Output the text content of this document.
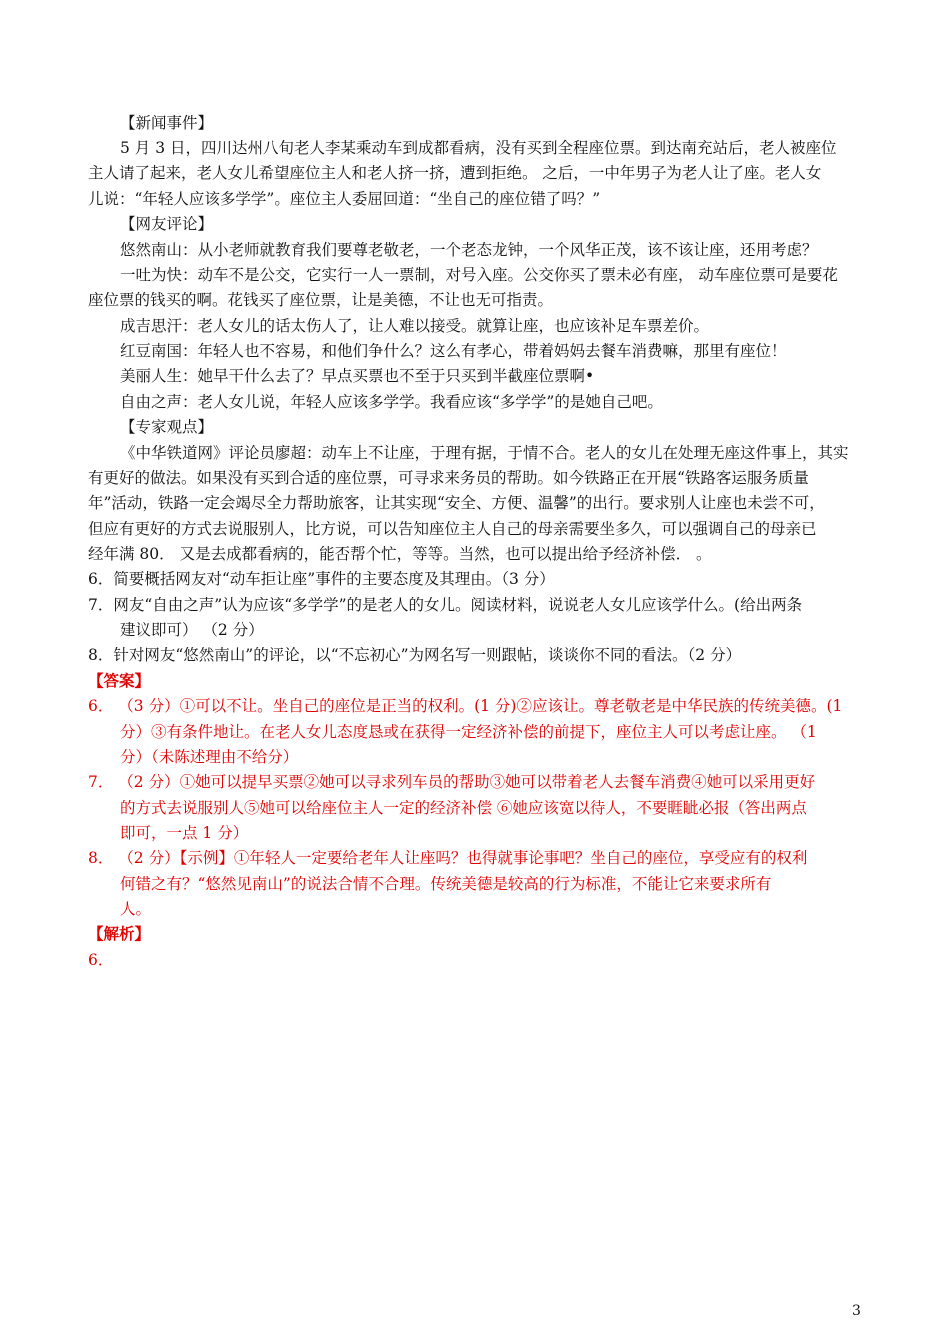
【新闻事件】
5 月 3 日，四川达州八旬老人李某乘动车到成都看病，没有买到全程座位票。到达南充站后，老人被座位
主人请了起来，老人女儿希望座位主人和老人挤一挤，遭到拒绝。 之后，一中年男子为老人让了座。老人女
儿说：“年轻人应该多学学”。座位主人委屈回道：“坐自己的座位错了吗？”
【网友评论】
悠然南山：从小老师就教育我们要尊老敬老，一个老态龙钟，一个风华正茂，该不该让座，还用考虑？
一吐为快：动车不是公交，它实行一人一票制，对号入座。公交你买了票未必有座， 动车座位票可是要花
座位票的钱买的啊。花钱买了座位票，让是美德，不让也无可指责。
成吉思汗：老人女儿的话太伤人了，让人难以接受。就算让座，也应该补足车票差价。
红豆南国：年轻人也不容易，和他们争什么？这么有孝心，带着妈妈去餐车消费嘛，那里有座位！
美丽人生：她早干什么去了？早点买票也不至于只买到半截座位票啊•
自由之声：老人女儿说，年轻人应该多学学。我看应该“多学学”的是她自己吧。
【专家观点】
《中华铁道网》评论员廖超：动车上不让座，于理有据，于情不合。老人的女儿在处理无座这件事上，其实
有更好的做法。如果没有买到合适的座位票，可寻求来务员的帮助。如今铁路正在开展“铁路客运服务质量
年”活动，铁路一定会竭尽全力帮助旅客，让其实现“安全、方便、温馨”的出行。要求别人让座也未尝不可，
但应有更好的方式去说服别人，比方说，可以告知座位主人自己的母亲需要坐多久，可以强调自己的母亲已
经年满 80． 又是去成都看病的，能否帮个忙，等等。当然，也可以提出给予经济补偿． 。
6．简要概括网友对“动车拒让座”事件的主要态度及其理由。（3 分）
7．网友“自由之声”认为应该“多学学”的是老人的女儿。阅读材料，说说老人女儿应该学什么。(给出两条
建议即可） （2 分）
8．针对网友“悠然南山”的评论，以“不忘初心”为网名写一则跟帖，谈谈你不同的看法。（2 分）
【答案】
6． （3 分）①可以不让。坐自己的座位是正当的权利。(1 分)②应该让。尊老敬老是中华民族的传统美德。(1
分）③有条件地让。在老人女儿态度恳或在获得一定经济补偿的前提下，座位主人可以考虑让座。 （1
分）（未陈述理由不给分）
7． （2 分）①她可以提早买票②她可以寻求列车员的帮助③她可以带着老人去餐车消费④她可以采用更好
的方式去说服别人⑤她可以给座位主人一定的经济补偿 ⑥她应该宽以待人，不要睚眦必报（答出两点
即可，一点 1 分）
8． （2 分）【示例】①年轻人一定要给老年人让座吗？也得就事论事吧？坐自己的座位，享受应有的权利
何错之有？“悠然见南山”的说法合情不合理。传统美德是较高的行为标准，不能让它来要求所有
人。
【解析】
6．
3
